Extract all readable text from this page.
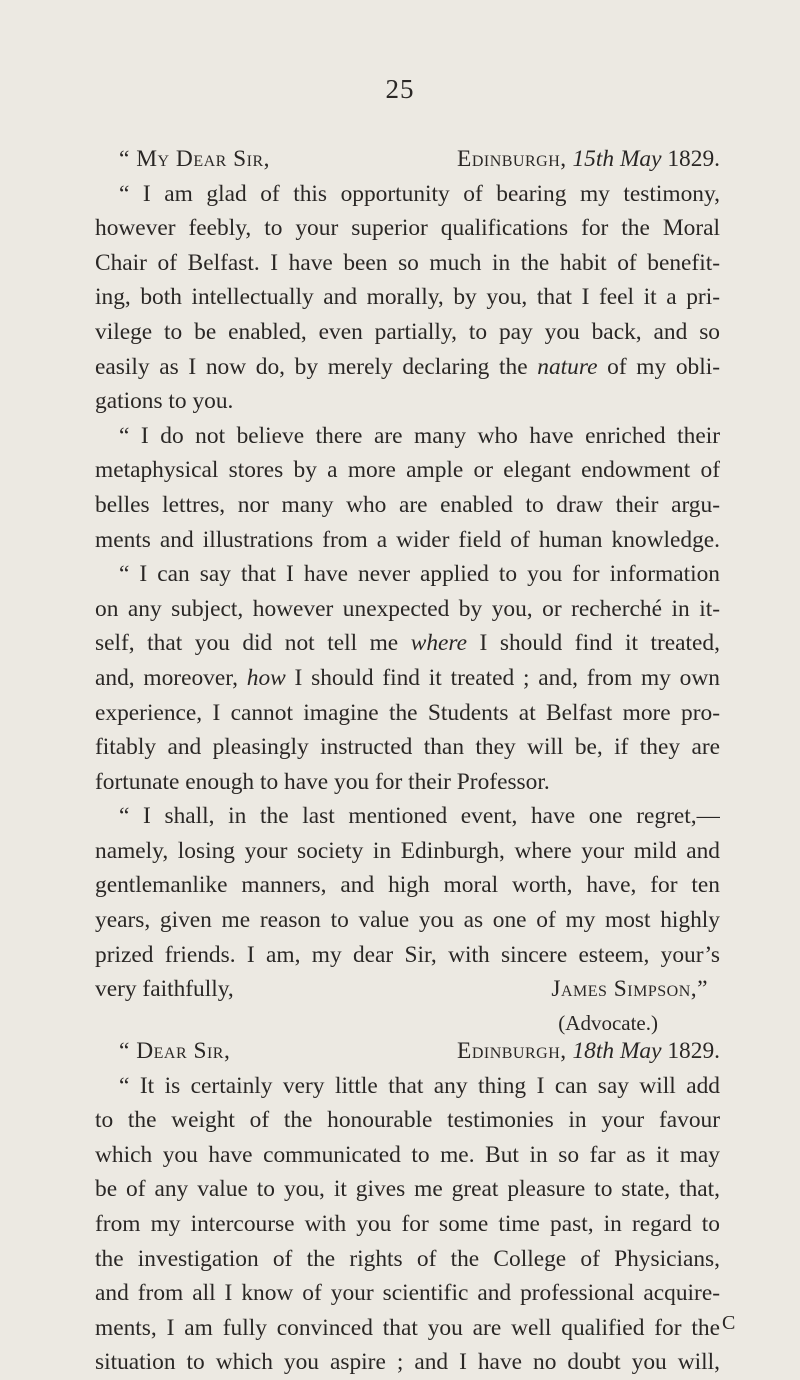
25
“ My Dear Sir,	Edinburgh, 15th May 1829.
“ I am glad of this opportunity of bearing my testimony,
however feebly, to your superior qualifications for the Moral
Chair of Belfast. I have been so much in the habit of benefit-
ing, both intellectually and morally, by you, that I feel it a pri-
vilege to be enabled, even partially, to pay you back, and so
easily as I now do, by merely declaring the nature of my obli-
gations to you.
“ I do not believe there are many who have enriched their
metaphysical stores by a more ample or elegant endowment of
belles lettres, nor many who are enabled to draw their argu-
ments and illustrations from a wider field of human knowledge.
“ I can say that I have never applied to you for information
on any subject, however unexpected by you, or recherché in it-
self, that you did not tell me where I should find it treated,
and, moreover, how I should find it treated ; and, from my own
experience, I cannot imagine the Students at Belfast more pro-
fitably and pleasingly instructed than they will be, if they are
fortunate enough to have you for their Professor.
“ I shall, in the last mentioned event, have one regret,—
namely, losing your society in Edinburgh, where your mild and
gentlemanlike manners, and high moral worth, have, for ten
years, given me reason to value you as one of my most highly
prized friends. I am, my dear Sir, with sincere esteem, your’s
very faithfully,	James Simpson,”
(Advocate.)
“ Dear Sir,	Edinburgh, 18th May 1829.
“ It is certainly very little that any thing I can say will add
to the weight of the honourable testimonies in your favour
which you have communicated to me. But in so far as it may
be of any value to you, it gives me great pleasure to state, that,
from my intercourse with you for some time past, in regard to
the investigation of the rights of the College of Physicians,
and from all I know of your scientific and professional acquire-
ments, I am fully convinced that you are well qualified for the
situation to which you aspire ; and I have no doubt you will,
C
